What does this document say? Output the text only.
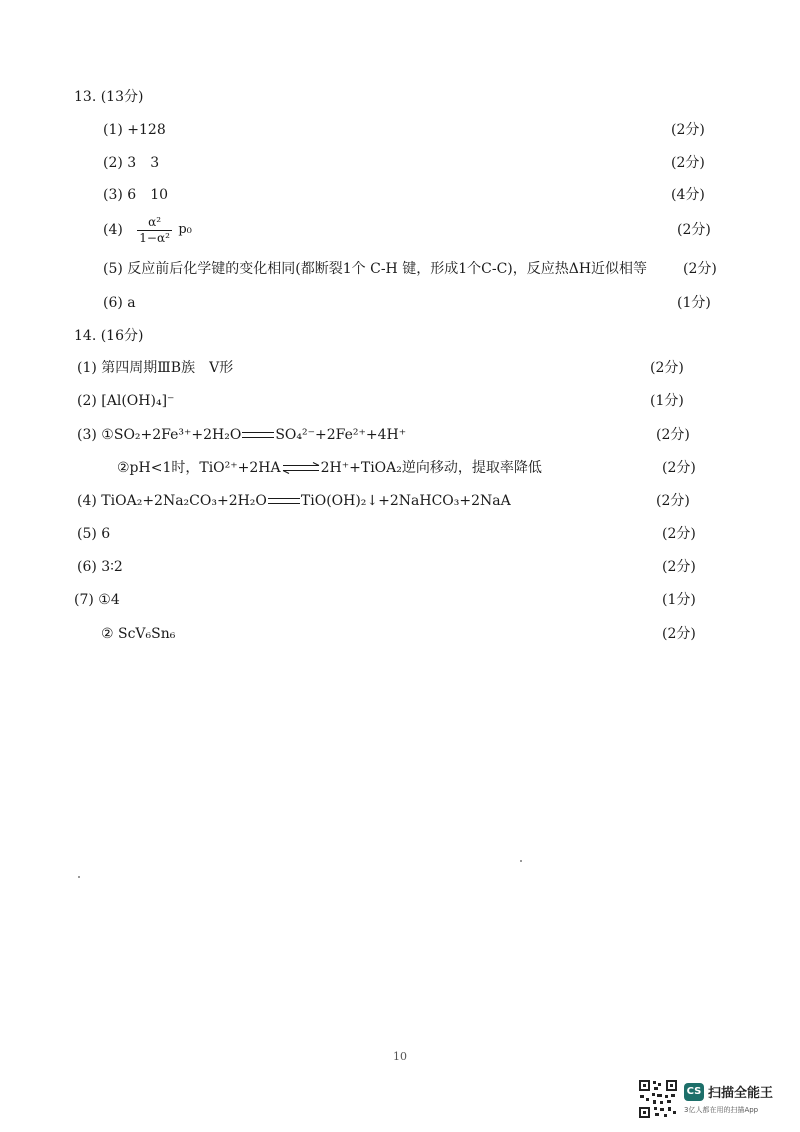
13. (13分)
(1) +128	(2分)
(2) 3　3	(2分)
(3) 6　10	(4分)
$(4) \frac{\text{α²}}{\text{1−α²}} p_0$	(2分)
(5) 反应前后化学键的变化相同(都断裂1个 C-H 键，形成1个C-C)，反应热ΔH近似相等	(2分)
(6) a	(1分)
14. (16分)
(1) 第四周期ⅢB族　V形	(2分)
(2) [Al(OH)₄]⁻	(1分)
(3) ①SO₂+2Fe³⁺+2H₂O SO₄²⁻+2Fe²⁺+4H⁺	(2分)
②pH<1时，TiO²⁺+2HA⇌2H⁺+TiOA₂逆向移动，提取率降低	(2分)
(4) TiOA₂+2Na₂CO₃+2H₂O TiO(OH)₂↓+2NaHCO₃+2NaA	(2分)
(5) 6	(2分)
(6) 3∶2	(2分)
(7) ①4	(1分)
② ScV₆Sn₆	(2分)
10
CS 扫描全能王
3亿人都在用的扫描App
